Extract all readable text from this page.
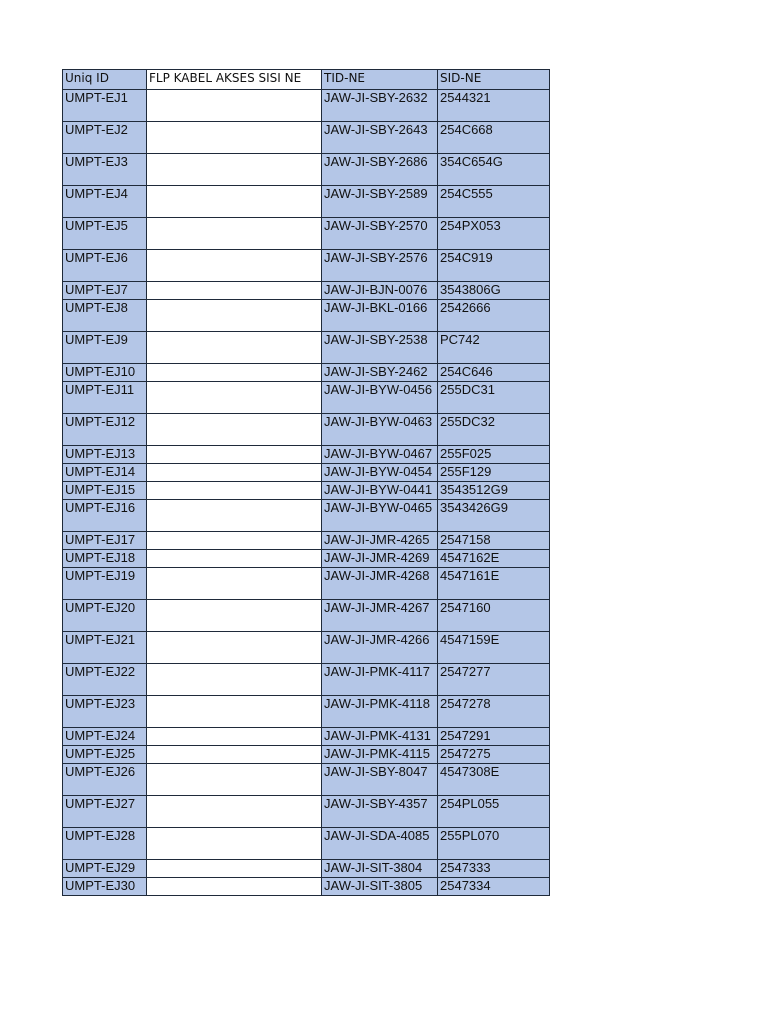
Uniq ID	FLP KABEL AKSES SISI NE	TID-NE	SID-NE
UMPT-EJ1		JAW-JI-SBY-2632	2544321
UMPT-EJ2		JAW-JI-SBY-2643	254C668
UMPT-EJ3		JAW-JI-SBY-2686	354C654G
UMPT-EJ4		JAW-JI-SBY-2589	254C555
UMPT-EJ5		JAW-JI-SBY-2570	254PX053
UMPT-EJ6		JAW-JI-SBY-2576	254C919
UMPT-EJ7		JAW-JI-BJN-0076	3543806G
UMPT-EJ8		JAW-JI-BKL-0166	2542666
UMPT-EJ9		JAW-JI-SBY-2538	PC742
UMPT-EJ10		JAW-JI-SBY-2462	254C646
UMPT-EJ11		JAW-JI-BYW-0456	255DC31
UMPT-EJ12		JAW-JI-BYW-0463	255DC32
UMPT-EJ13		JAW-JI-BYW-0467	255F025
UMPT-EJ14		JAW-JI-BYW-0454	255F129
UMPT-EJ15		JAW-JI-BYW-0441	3543512G9
UMPT-EJ16		JAW-JI-BYW-0465	3543426G9
UMPT-EJ17		JAW-JI-JMR-4265	2547158
UMPT-EJ18		JAW-JI-JMR-4269	4547162E
UMPT-EJ19		JAW-JI-JMR-4268	4547161E
UMPT-EJ20		JAW-JI-JMR-4267	2547160
UMPT-EJ21		JAW-JI-JMR-4266	4547159E
UMPT-EJ22		JAW-JI-PMK-4117	2547277
UMPT-EJ23		JAW-JI-PMK-4118	2547278
UMPT-EJ24		JAW-JI-PMK-4131	2547291
UMPT-EJ25		JAW-JI-PMK-4115	2547275
UMPT-EJ26		JAW-JI-SBY-8047	4547308E
UMPT-EJ27		JAW-JI-SBY-4357	254PL055
UMPT-EJ28		JAW-JI-SDA-4085	255PL070
UMPT-EJ29		JAW-JI-SIT-3804	2547333
UMPT-EJ30		JAW-JI-SIT-3805	2547334
